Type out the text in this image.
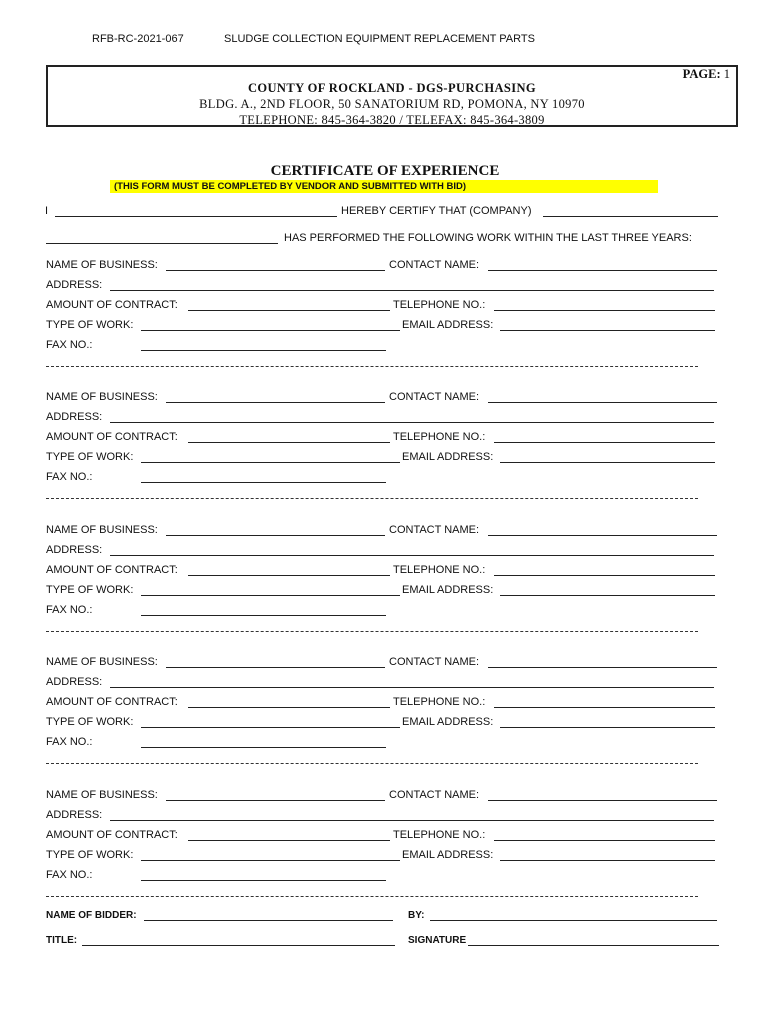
RFB-RC-2021-067	SLUDGE COLLECTION EQUIPMENT REPLACEMENT PARTS
PAGE: 1
COUNTY OF ROCKLAND - DGS-PURCHASING
BLDG. A., 2ND FLOOR, 50 SANATORIUM RD, POMONA, NY 10970
TELEPHONE: 845-364-3820 / TELEFAX: 845-364-3809
CERTIFICATE OF EXPERIENCE
(THIS FORM MUST BE COMPLETED BY VENDOR AND SUBMITTED WITH BID)
I	HEREBY CERTIFY THAT (COMPANY)
HAS PERFORMED THE FOLLOWING WORK WITHIN THE LAST THREE YEARS:
NAME OF BUSINESS:	CONTACT NAME:
ADDRESS:
AMOUNT OF CONTRACT:	TELEPHONE NO.:
TYPE OF WORK:	EMAIL ADDRESS:
FAX NO.:
NAME OF BUSINESS:	CONTACT NAME:
ADDRESS:
AMOUNT OF CONTRACT:	TELEPHONE NO.:
TYPE OF WORK:	EMAIL ADDRESS:
FAX NO.:
NAME OF BUSINESS:	CONTACT NAME:
ADDRESS:
AMOUNT OF CONTRACT:	TELEPHONE NO.:
TYPE OF WORK:	EMAIL ADDRESS:
FAX NO.:
NAME OF BUSINESS:	CONTACT NAME:
ADDRESS:
AMOUNT OF CONTRACT:	TELEPHONE NO.:
TYPE OF WORK:	EMAIL ADDRESS:
FAX NO.:
NAME OF BUSINESS:	CONTACT NAME:
ADDRESS:
AMOUNT OF CONTRACT:	TELEPHONE NO.:
TYPE OF WORK:	EMAIL ADDRESS:
FAX NO.:
NAME OF BIDDER:	BY:
TITLE:	SIGNATURE
